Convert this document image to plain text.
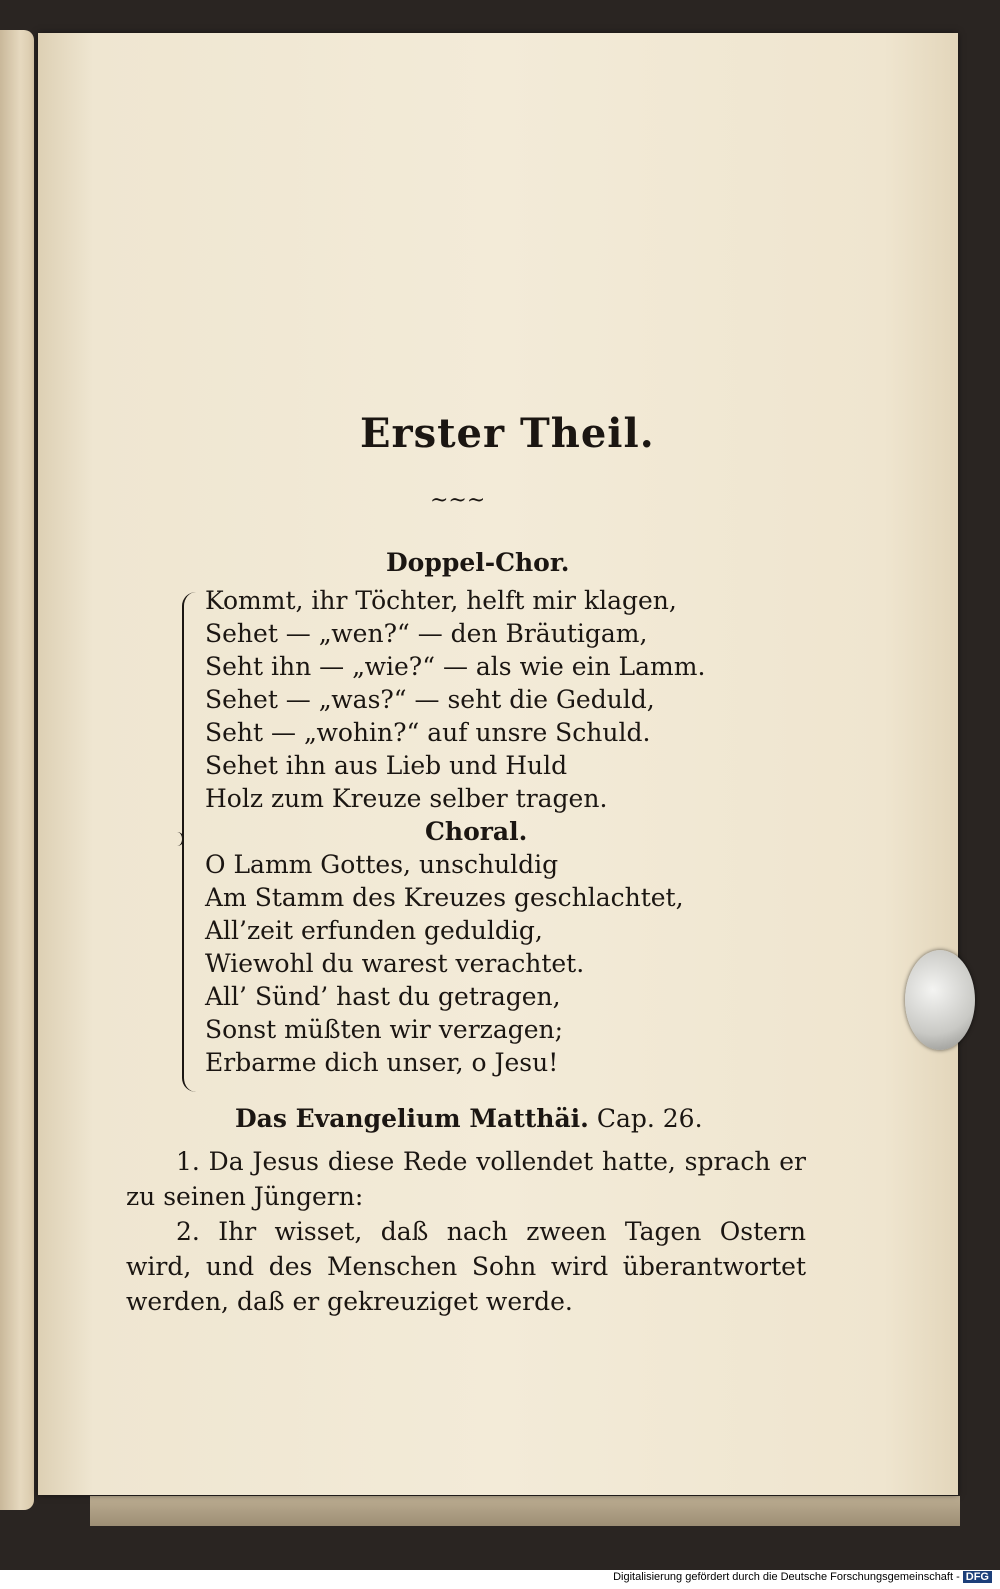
Erster Theil.
~~~
Doppel-Chor.
Kommt, ihr Töchter, helft mir klagen,
Sehet — „wen?“ — den Bräutigam,
Seht ihn — „wie?“ — als wie ein Lamm.
Sehet — „was?“ — seht die Geduld,
Seht — „wohin?“ auf unsre Schuld.
Sehet ihn aus Lieb und Huld
Holz zum Kreuze selber tragen.
Choral.
O Lamm Gottes, unschuldig
Am Stamm des Kreuzes geschlachtet,
All’zeit erfunden geduldig,
Wiewohl du warest verachtet.
All’ Sünd’ hast du getragen,
Sonst müßten wir verzagen;
Erbarme dich unser, o Jesu!
Das Evangelium Matthäi. Cap. 26.

1. Da Jesus diese Rede vollendet hatte, sprach er zu seinen Jüngern:

2. Ihr wisset, daß nach zween Tagen Ostern wird, und des Menschen Sohn wird überantwortet werden, daß er gekreuziget werde.

Digitalisierung gefördert durch die Deutsche Forschungsgemeinschaft - DFG
